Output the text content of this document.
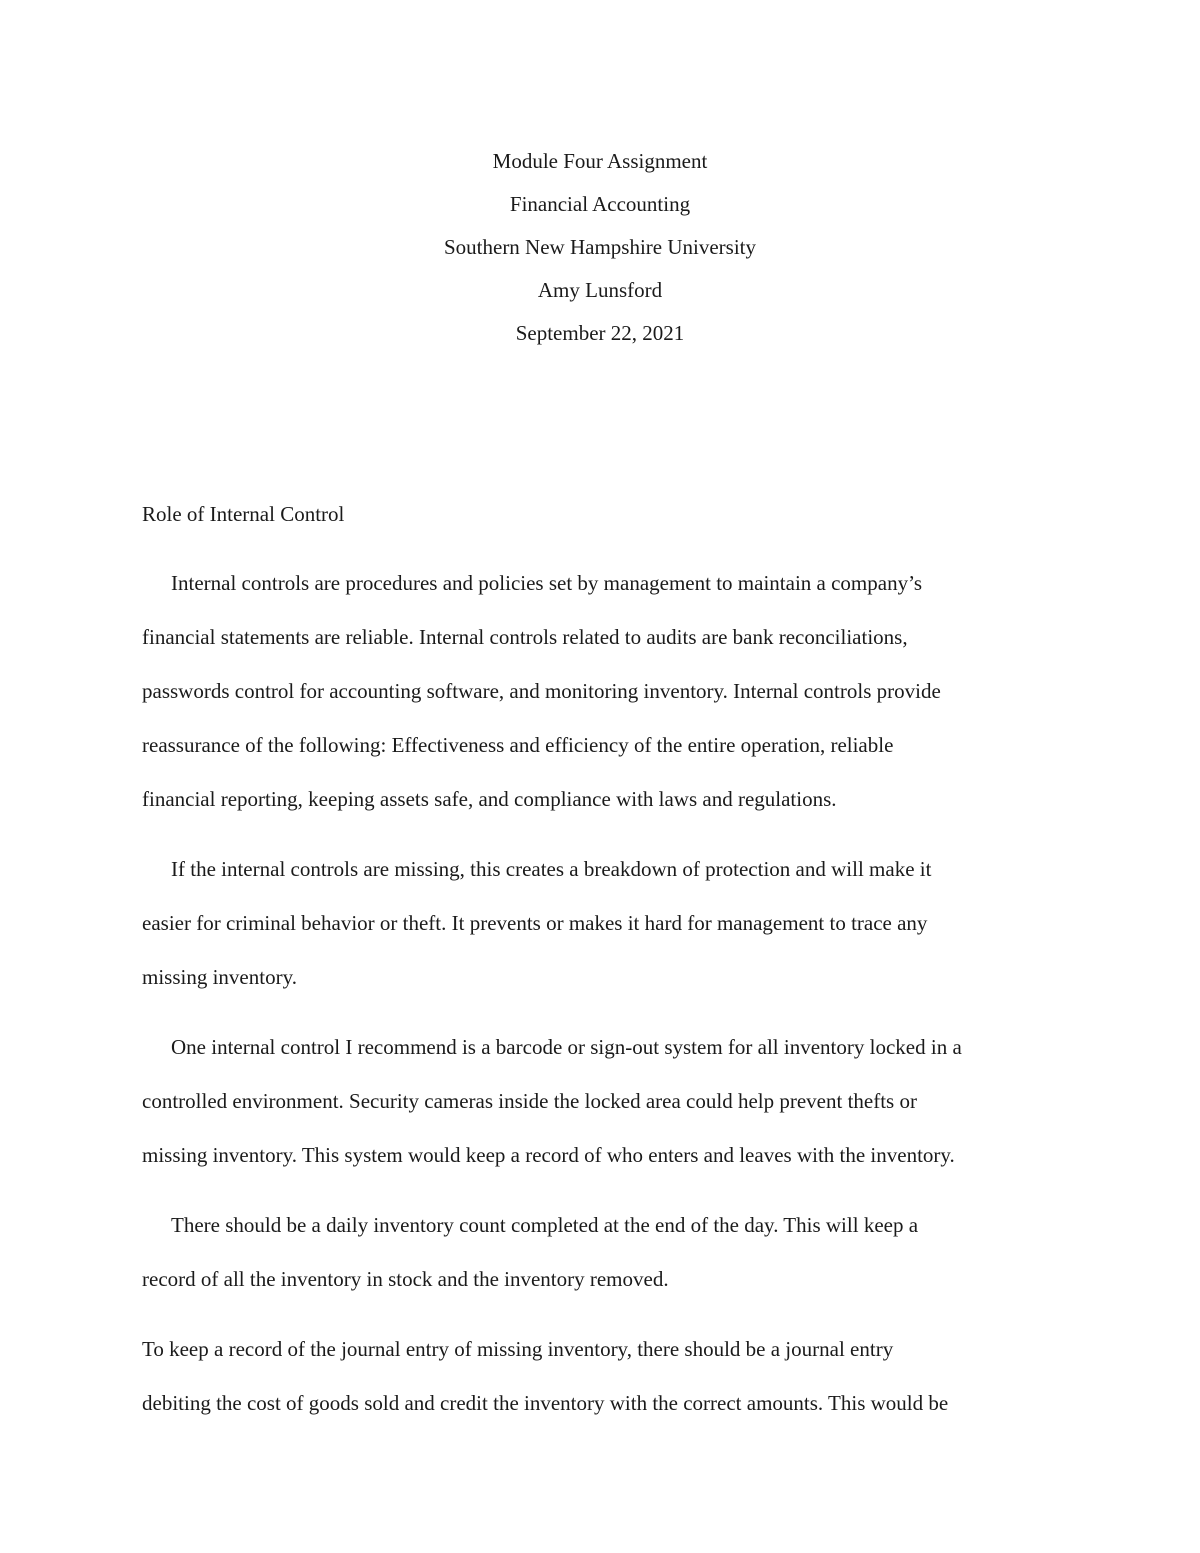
Module Four Assignment
Financial Accounting
Southern New Hampshire University
Amy Lunsford
September 22, 2021
Role of Internal Control
Internal controls are procedures and policies set by management to maintain a company’s
financial statements are reliable. Internal controls related to audits are bank reconciliations,
passwords control for accounting software, and monitoring inventory. Internal controls provide
reassurance of the following: Effectiveness and efficiency of the entire operation, reliable
financial reporting, keeping assets safe, and compliance with laws and regulations.
If the internal controls are missing, this creates a breakdown of protection and will make it
easier for criminal behavior or theft. It prevents or makes it hard for management to trace any
missing inventory.
One internal control I recommend is a barcode or sign-out system for all inventory locked in a
controlled environment. Security cameras inside the locked area could help prevent thefts or
missing inventory. This system would keep a record of who enters and leaves with the inventory.
There should be a daily inventory count completed at the end of the day. This will keep a
record of all the inventory in stock and the inventory removed.
To keep a record of the journal entry of missing inventory, there should be a journal entry
debiting the cost of goods sold and credit the inventory with the correct amounts. This would be
